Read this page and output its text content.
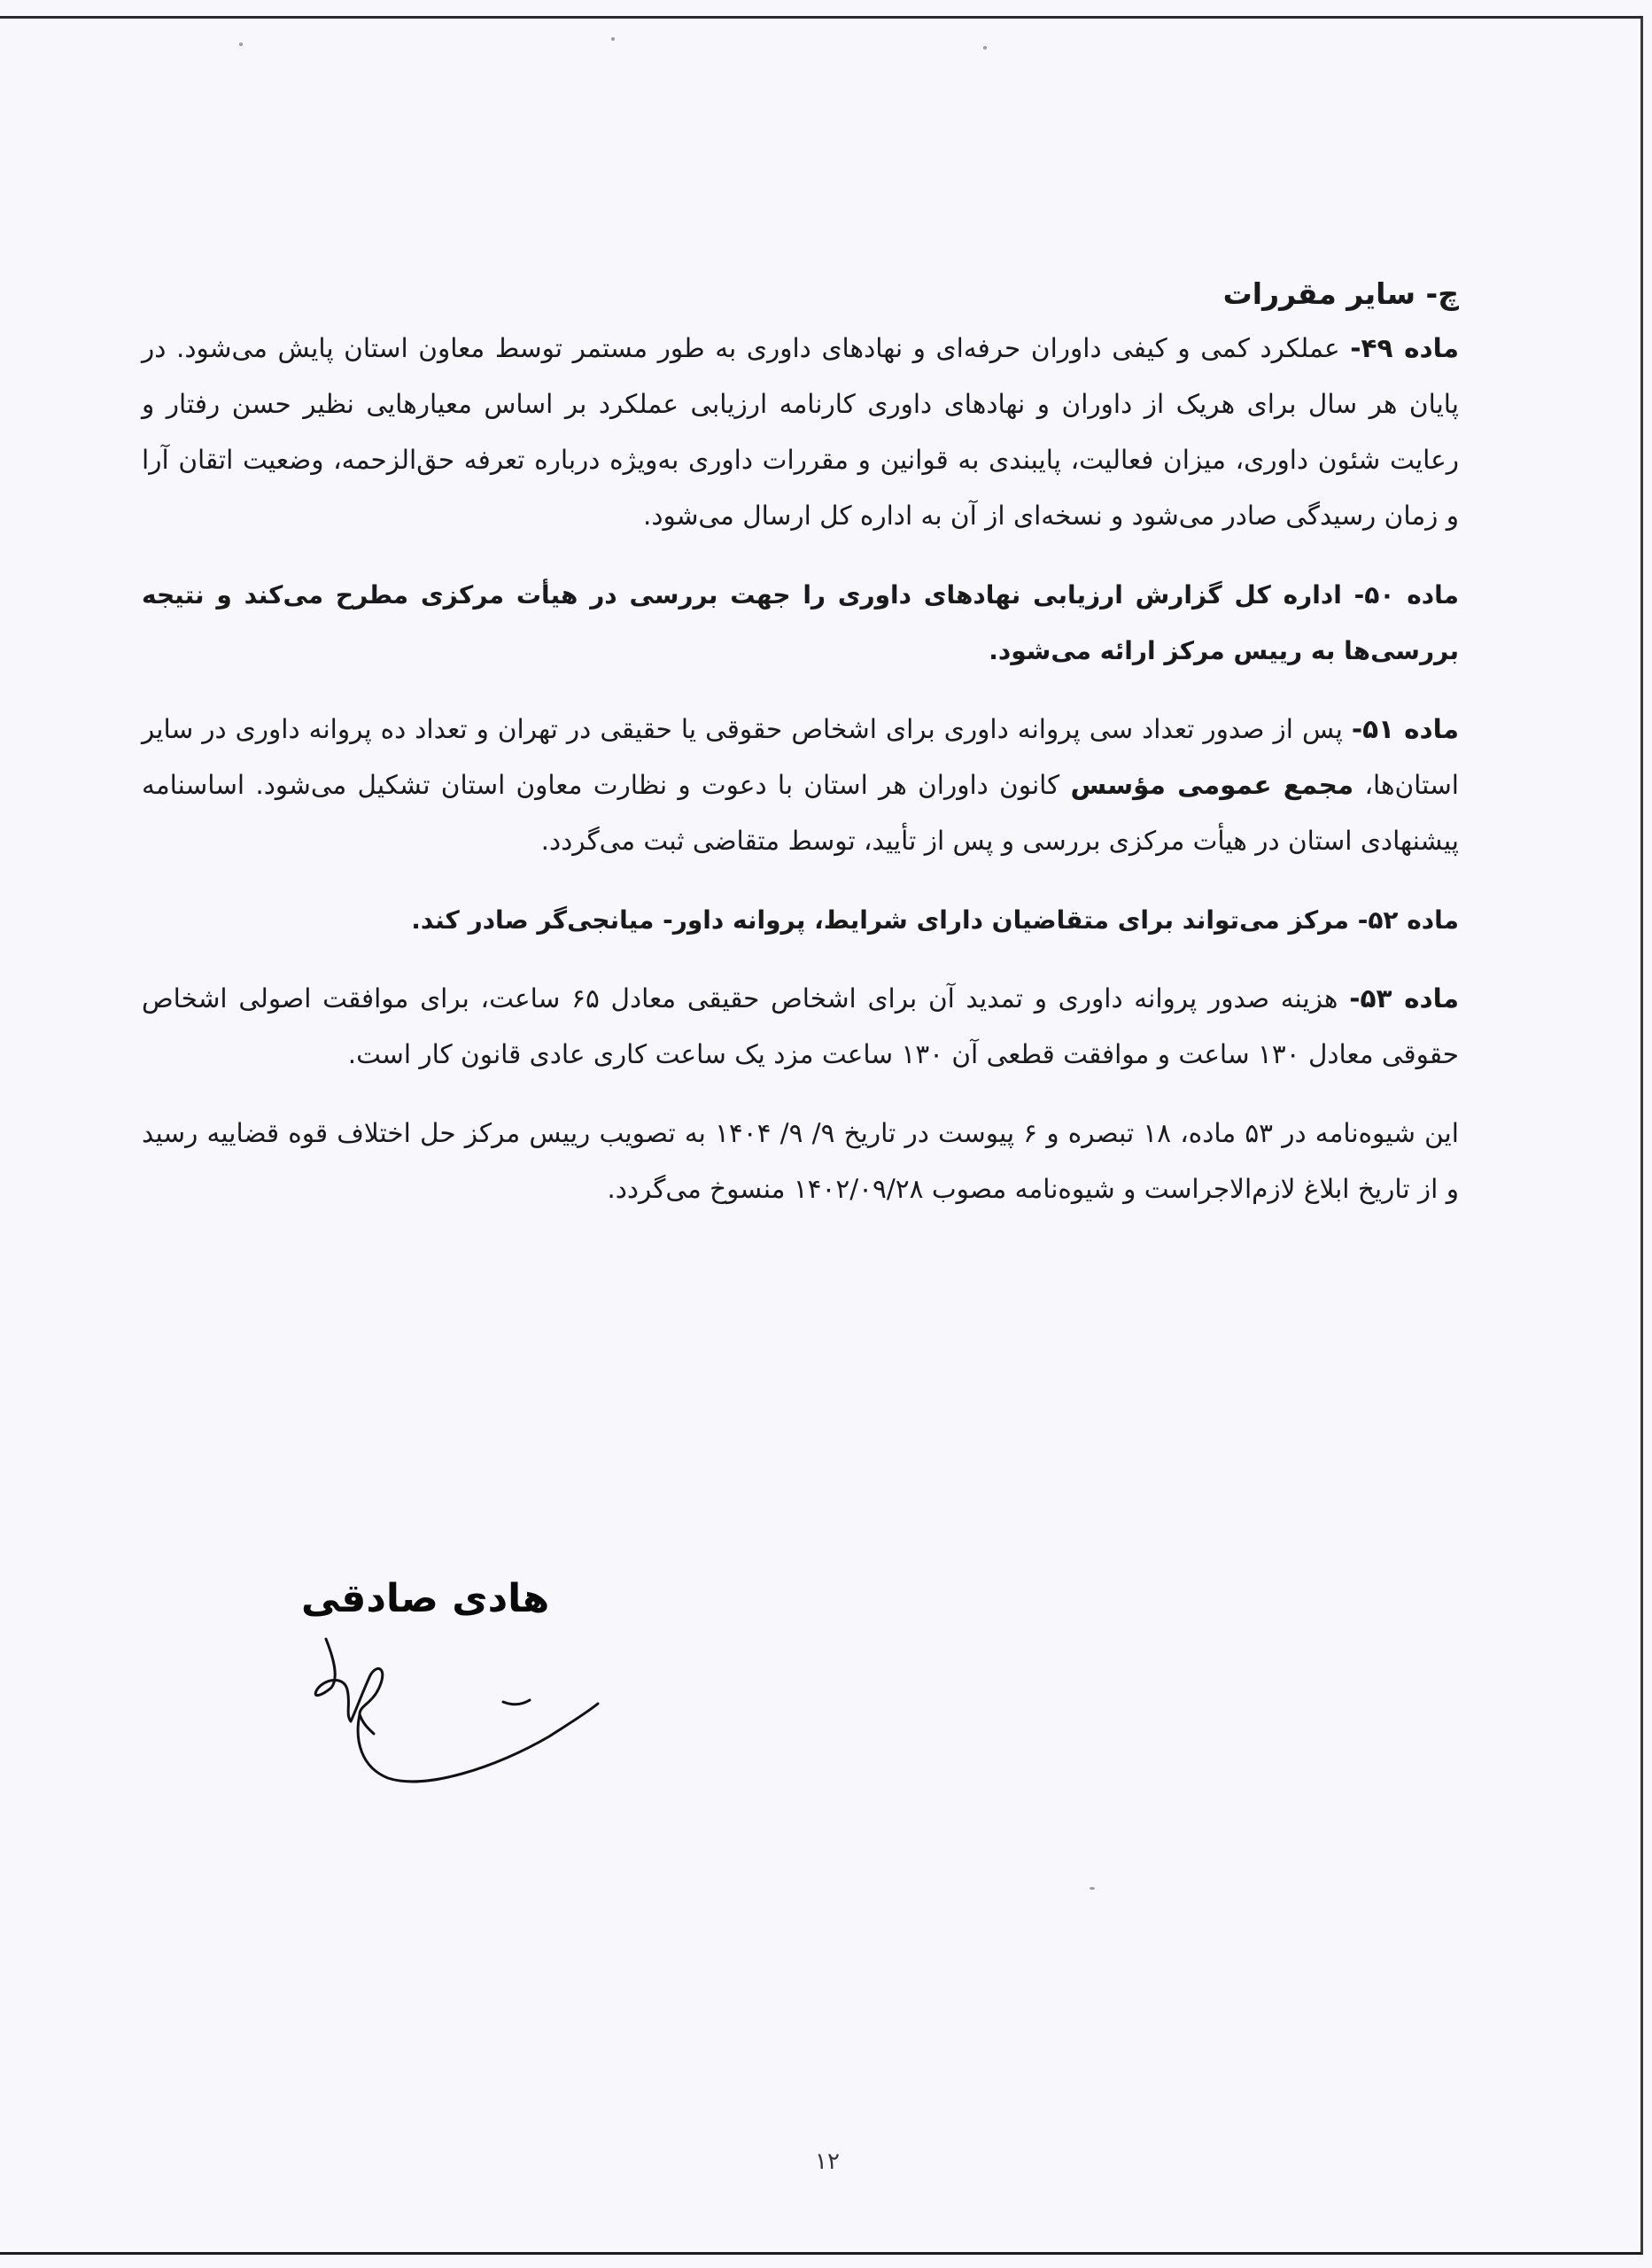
چ- سایر مقررات

ماده ۴۹- عملکرد کمی و کیفی داوران حرفه‌ای و نهادهای داوری به طور مستمر توسط معاون استان پایش می‌شود. در پایان هر سال برای هریک از داوران و نهادهای داوری کارنامه ارزیابی عملکرد بر اساس معیارهایی نظیر حسن رفتار و رعایت شئون داوری، میزان فعالیت، پایبندی به قوانین و مقررات داوری به‌ویژه درباره تعرفه حق‌الزحمه، وضعیت اتقان آرا و زمان رسیدگی صادر می‌شود و نسخه‌ای از آن به اداره کل ارسال می‌شود.

ماده ۵۰- اداره کل گزارش ارزیابی نهادهای داوری را جهت بررسی در هیأت مرکزی مطرح می‌کند و نتیجه بررسی‌ها به رییس مرکز ارائه می‌شود.

ماده ۵۱- پس از صدور تعداد سی پروانه داوری برای اشخاص حقوقی یا حقیقی در تهران و تعداد ده پروانه داوری در سایر استان‌ها، مجمع عمومی مؤسس کانون داوران هر استان با دعوت و نظارت معاون استان تشکیل می‌شود. اساسنامه پیشنهادی استان در هیأت مرکزی بررسی و پس از تأیید، توسط متقاضی ثبت می‌گردد.

ماده ۵۲- مرکز می‌تواند برای متقاضیان دارای شرایط، پروانه داور- میانجی‌گر صادر کند.

ماده ۵۳- هزینه صدور پروانه داوری و تمدید آن برای اشخاص حقیقی معادل ۶۵ ساعت، برای موافقت اصولی اشخاص حقوقی معادل ۱۳۰ ساعت و موافقت قطعی آن ۱۳۰ ساعت مزد یک ساعت کاری عادی قانون کار است.

این شیوه‌نامه در ۵۳ ماده، ۱۸ تبصره و ۶ پیوست در تاریخ ۹/ ۹/ ۱۴۰۴ به تصویب رییس مرکز حل اختلاف قوه قضاییه رسید و از تاریخ ابلاغ لازم‌الاجراست و شیوه‌نامه مصوب ۱۴۰۲/۰۹/۲۸ منسوخ می‌گردد.

هادی صادقی
۱۲
